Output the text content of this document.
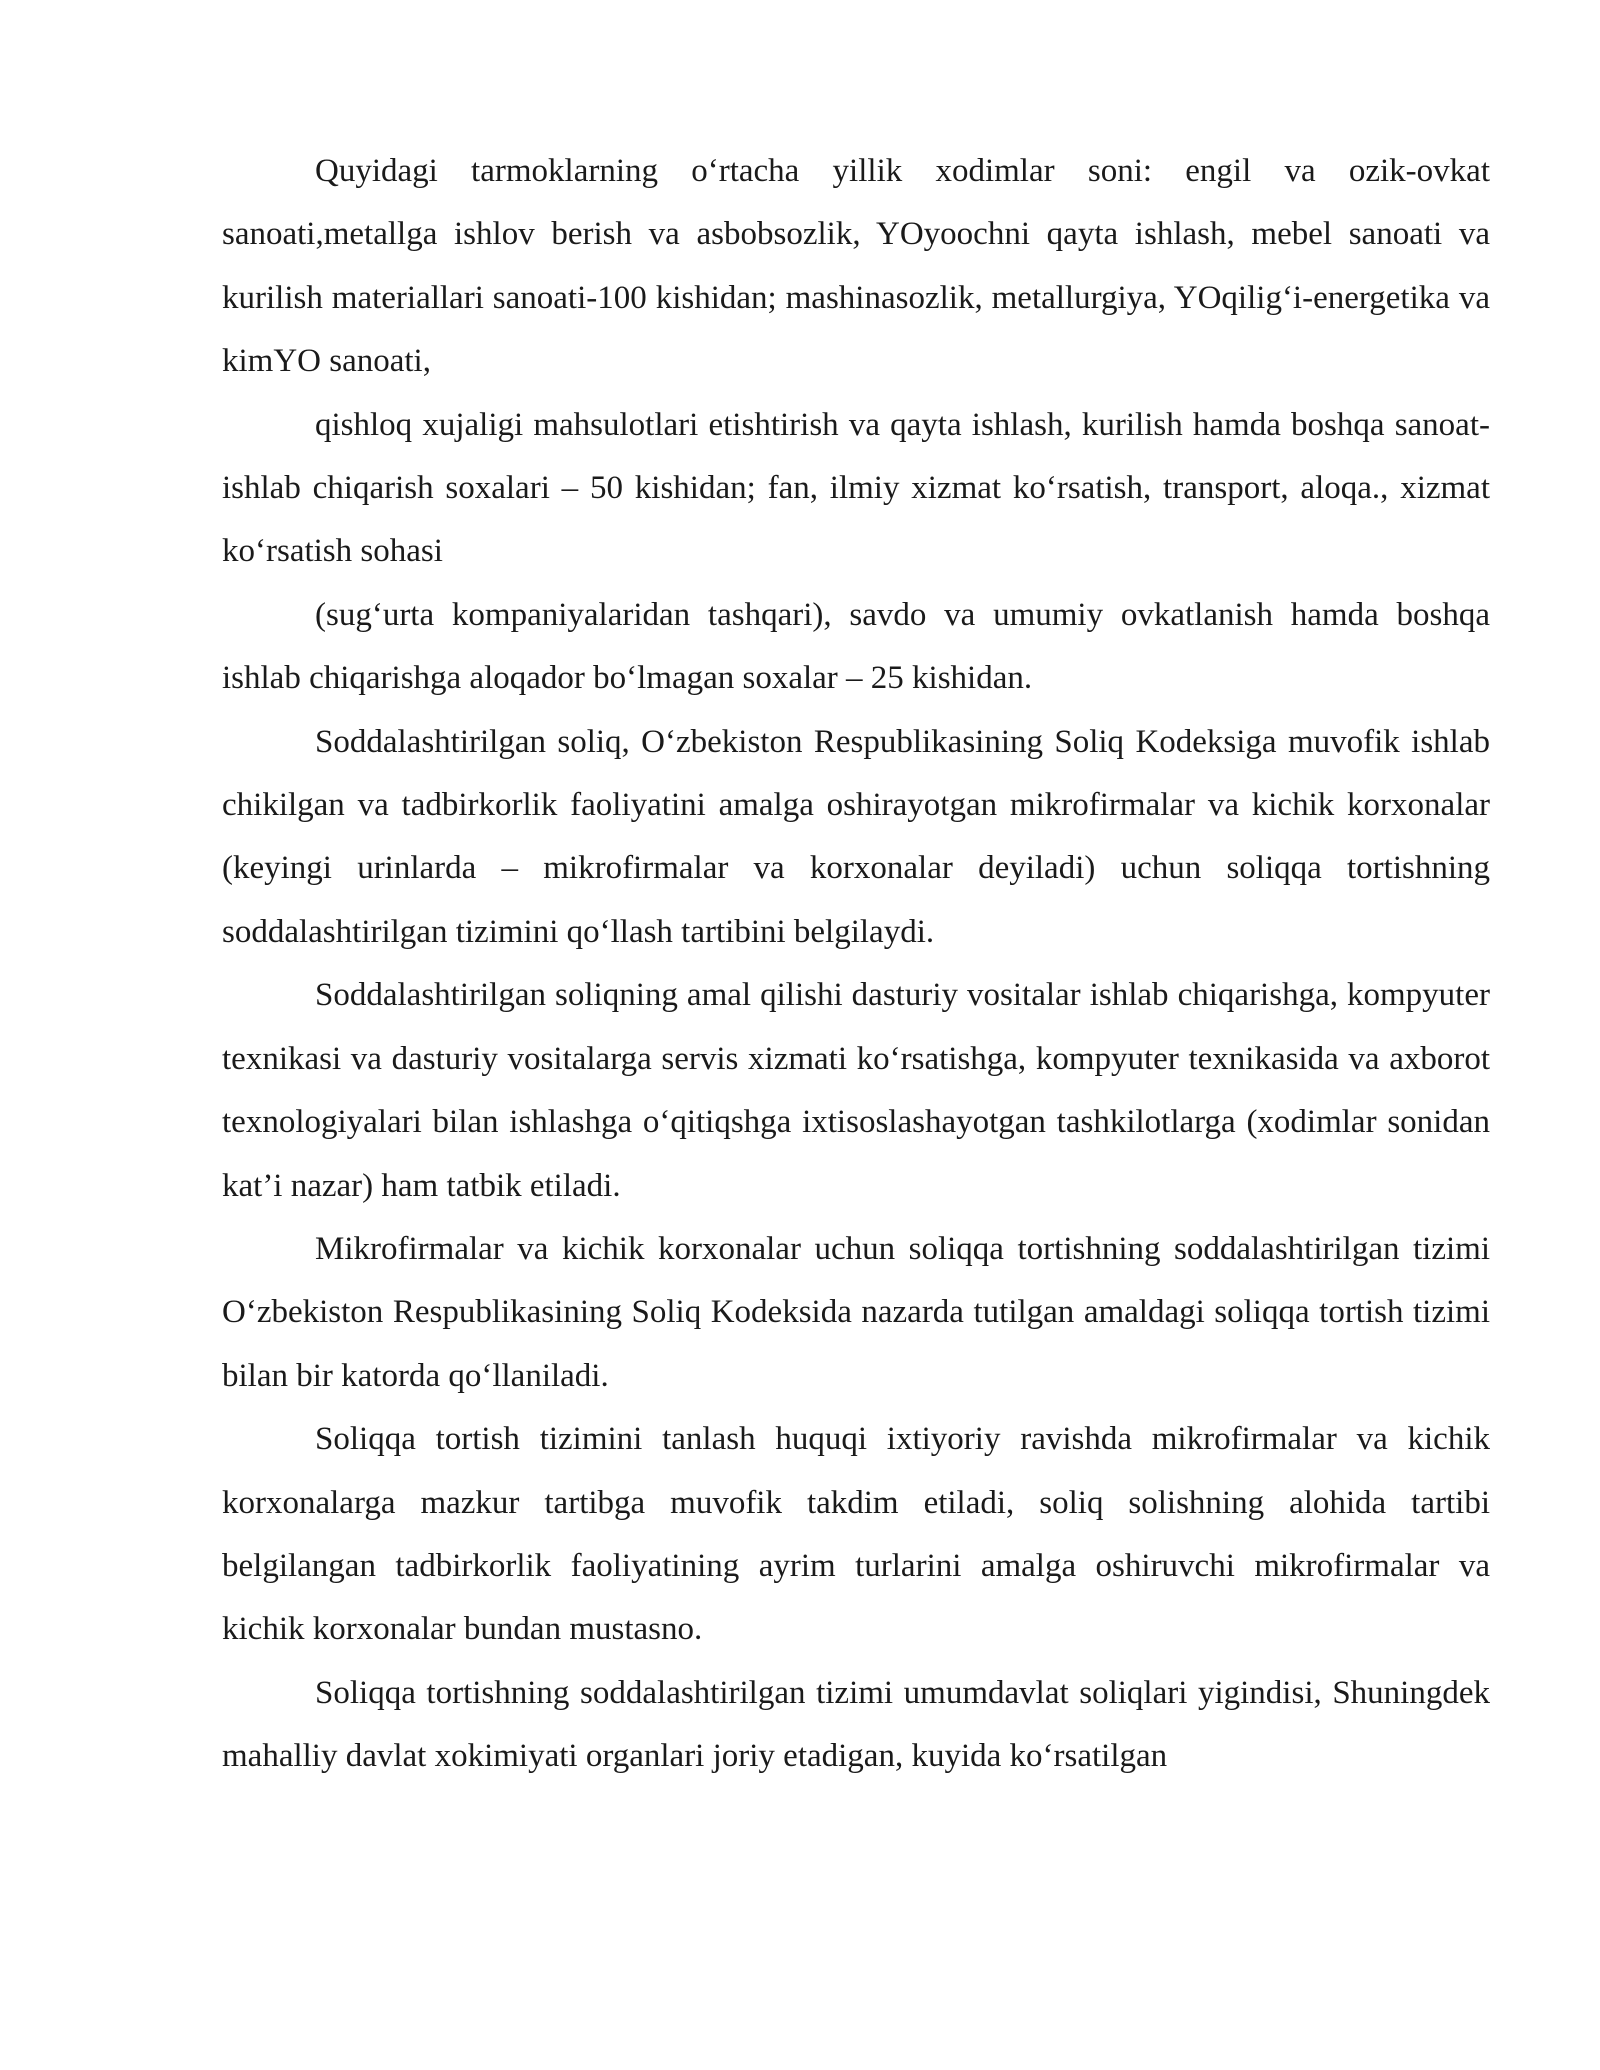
Quyidagi tarmoklarning oʻrtacha yillik xodimlar soni: engil va ozik-ovkat sanoati,metallga ishlov berish va asbobsozlik, YOyoochni qayta ishlash, mebel sanoati va kurilish materiallari sanoati-100 kishidan; mashinasozlik, metallurgiya, YOqiligʻi-energetika va kimYO sanoati,

qishloq xujaligi mahsulotlari etishtirish va qayta ishlash, kurilish hamda boshqa sanoat-ishlab chiqarish soxalari – 50 kishidan; fan, ilmiy xizmat koʻrsatish, transport, aloqa., xizmat koʻrsatish sohasi

(sugʻurta kompaniyalaridan tashqari), savdo va umumiy ovkatlanish hamda boshqa ishlab chiqarishga aloqador boʻlmagan soxalar – 25 kishidan.

Soddalashtirilgan soliq, Oʻzbekiston Respublikasining Soliq Kodeksiga muvofik ishlab chikilgan va tadbirkorlik faoliyatini amalga oshirayotgan mikrofirmalar va kichik korxonalar (keyingi urinlarda – mikrofirmalar va korxonalar deyiladi) uchun soliqqa tortishning soddalashtirilgan tizimini qoʻllash tartibini belgilaydi.

Soddalashtirilgan soliqning amal qilishi dasturiy vositalar ishlab chiqarishga, kompyuter texnikasi va dasturiy vositalarga servis xizmati koʻrsatishga, kompyuter texnikasida va axborot texnologiyalari bilan ishlashga oʻqitiqshga ixtisoslashayotgan tashkilotlarga (xodimlar sonidan kat’i nazar) ham tatbik etiladi.

Mikrofirmalar va kichik korxonalar uchun soliqqa tortishning soddalashtirilgan tizimi Oʻzbekiston Respublikasining Soliq Kodeksida nazarda tutilgan amaldagi soliqqa tortish tizimi bilan bir katorda qoʻllaniladi.

Soliqqa tortish tizimini tanlash huquqi ixtiyoriy ravishda mikrofirmalar va kichik korxonalarga mazkur tartibga muvofik takdim etiladi, soliq solishning alohida tartibi belgilangan tadbirkorlik faoliyatining ayrim turlarini amalga oshiruvchi mikrofirmalar va kichik korxonalar bundan mustasno.

Soliqqa tortishning soddalashtirilgan tizimi umumdavlat soliqlari yigindisi, Shuningdek mahalliy davlat xokimiyati organlari joriy etadigan, kuyida koʻrsatilgan
